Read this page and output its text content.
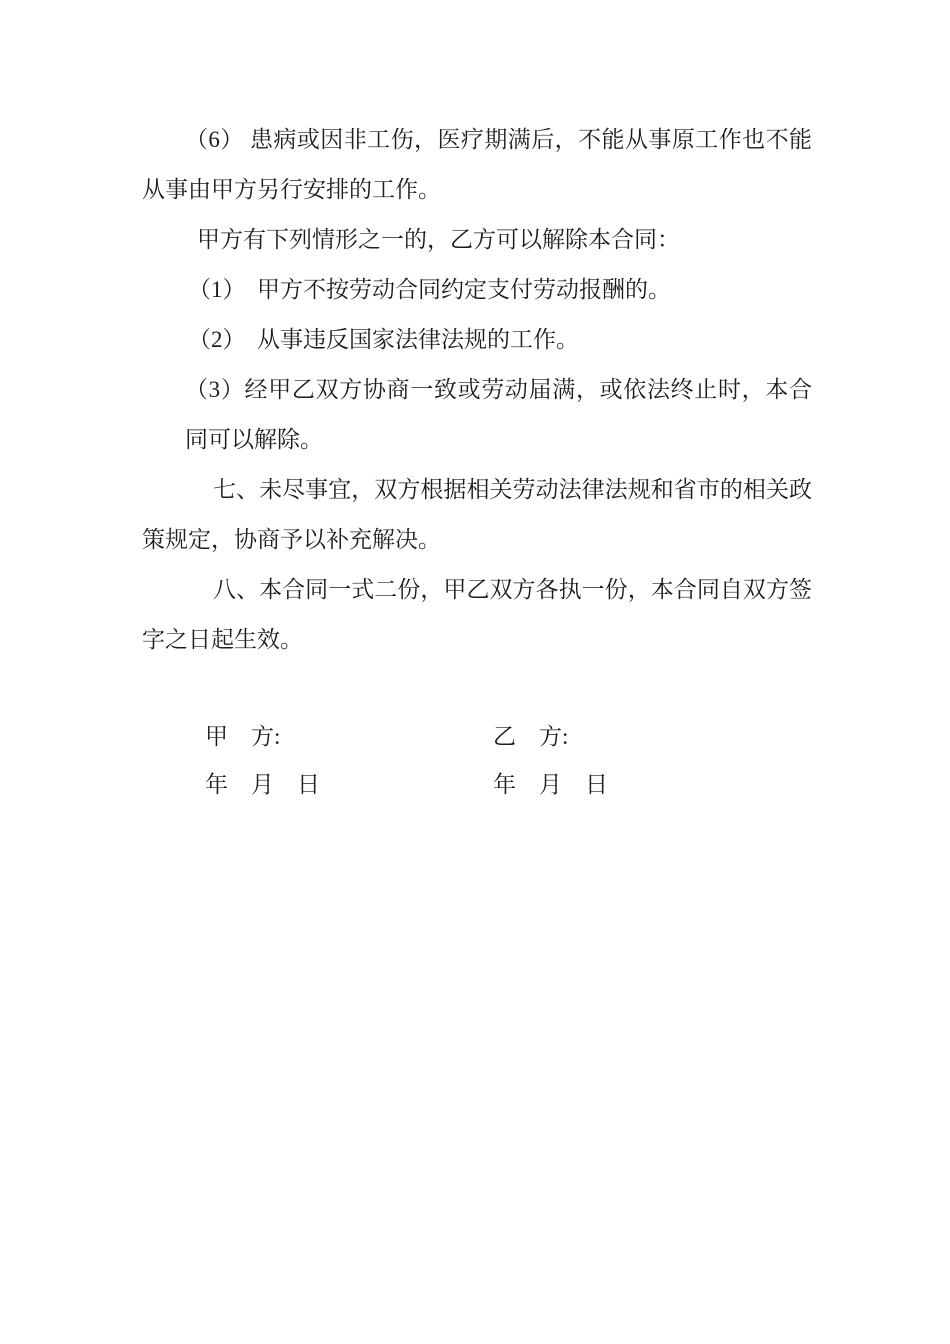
（6） 患病或因非工伤，医疗期满后，不能从事原工作也不能
从事由甲方另行安排的工作。
甲方有下列情形之一的，乙方可以解除本合同：
（1）　甲方不按劳动合同约定支付劳动报酬的。
（2）　从事违反国家法律法规的工作。
（3）经甲乙双方协商一致或劳动届满，或依法终止时，本合
同可以解除。
七、未尽事宜，双方根据相关劳动法律法规和省市的相关政
策规定，协商予以补充解决。
八、本合同一式二份，甲乙双方各执一份，本合同自双方签
字之日起生效。
甲　方:	乙　方:
年　月　日	年　月　日
